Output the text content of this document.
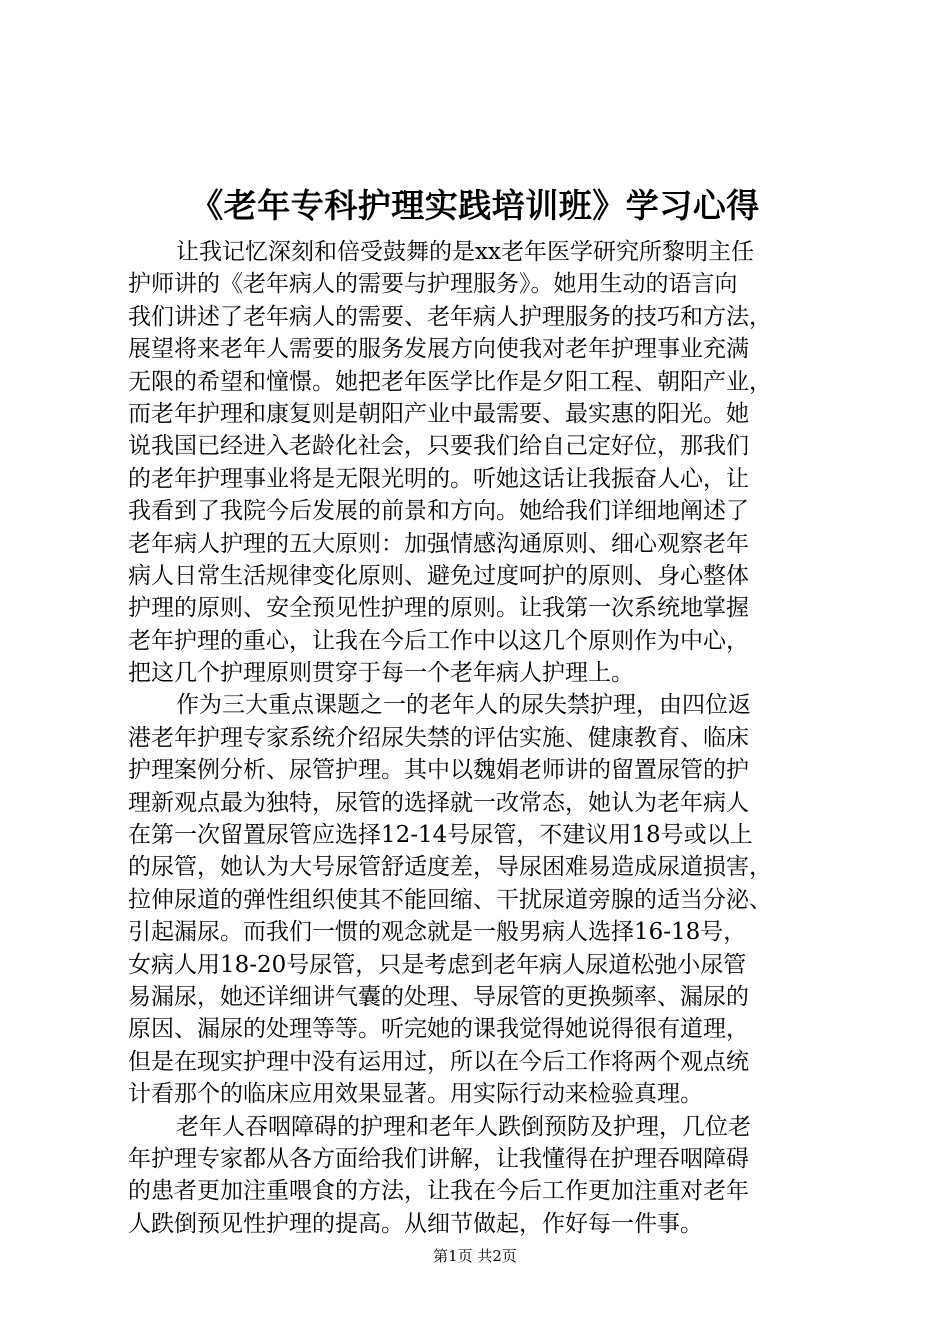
《老年专科护理实践培训班》学习心得
让我记忆深刻和倍受鼓舞的是xx老年医学研究所黎明主任
护师讲的《老年病人的需要与护理服务》。她用生动的语言向
我们讲述了老年病人的需要、老年病人护理服务的技巧和方法，
展望将来老年人需要的服务发展方向使我对老年护理事业充满
无限的希望和憧憬。她把老年医学比作是夕阳工程、朝阳产业，
而老年护理和康复则是朝阳产业中最需要、最实惠的阳光。她
说我国已经进入老龄化社会，只要我们给自己定好位，那我们
的老年护理事业将是无限光明的。听她这话让我振奋人心，让
我看到了我院今后发展的前景和方向。她给我们详细地阐述了
老年病人护理的五大原则：加强情感沟通原则、细心观察老年
病人日常生活规律变化原则、避免过度呵护的原则、身心整体
护理的原则、安全预见性护理的原则。让我第一次系统地掌握
老年护理的重心，让我在今后工作中以这几个原则作为中心，
把这几个护理原则贯穿于每一个老年病人护理上。
作为三大重点课题之一的老年人的尿失禁护理，由四位返
港老年护理专家系统介绍尿失禁的评估实施、健康教育、临床
护理案例分析、尿管护理。其中以魏娟老师讲的留置尿管的护
理新观点最为独特，尿管的选择就一改常态，她认为老年病人
在第一次留置尿管应选择12-14号尿管，不建议用18号或以上
的尿管，她认为大号尿管舒适度差，导尿困难易造成尿道损害，
拉伸尿道的弹性组织使其不能回缩、干扰尿道旁腺的适当分泌、
引起漏尿。而我们一惯的观念就是一般男病人选择16-18号，
女病人用18-20号尿管，只是考虑到老年病人尿道松弛小尿管
易漏尿，她还详细讲气囊的处理、导尿管的更换频率、漏尿的
原因、漏尿的处理等等。听完她的课我觉得她说得很有道理，
但是在现实护理中没有运用过，所以在今后工作将两个观点统
计看那个的临床应用效果显著。用实际行动来检验真理。
老年人吞咽障碍的护理和老年人跌倒预防及护理，几位老
年护理专家都从各方面给我们讲解，让我懂得在护理吞咽障碍
的患者更加注重喂食的方法，让我在今后工作更加注重对老年
人跌倒预见性护理的提高。从细节做起，作好每一件事。
第1页 共2页
